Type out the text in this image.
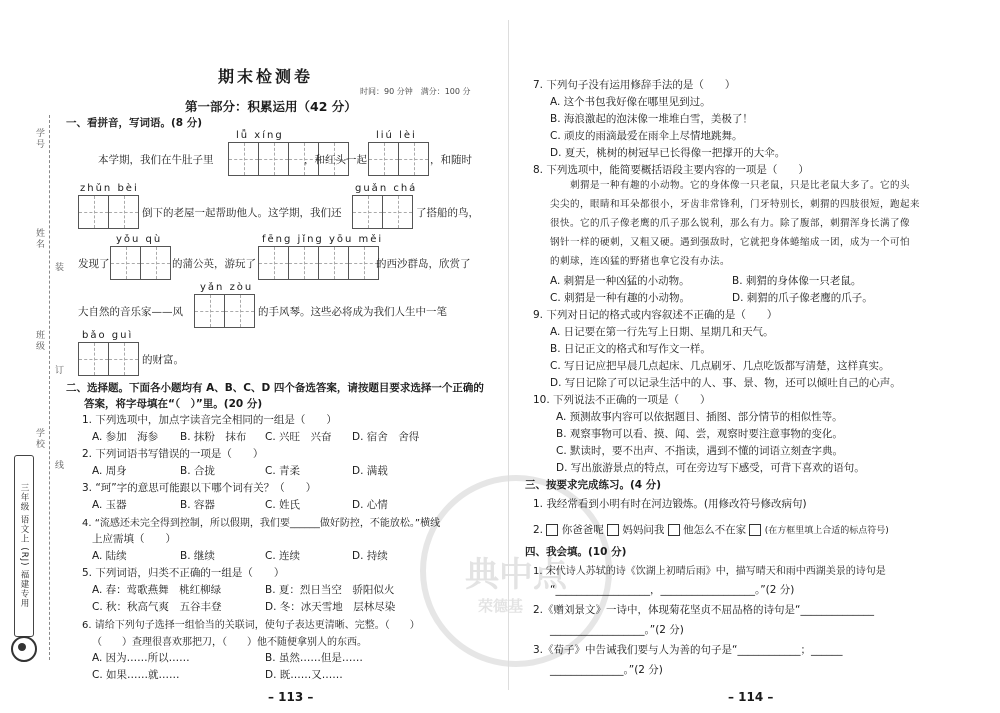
学号
姓名
装
班级
订
学校
线
三年级 语文上 (RJ) 福建专用	典中点
荣德基
期末检测卷
时间：90 分钟　满分：100 分
第一部分：积累运用（42 分）
一、看拼音，写词语。(8 分)
lǚ xíng	liú lèi
本学期，我们在牛肚子里	，和红头一起	，和随时
zhǔn bèi	guǎn chá
倒下的老屋一起帮助他人。这学期，我们还	了搭船的鸟，
yǒu qù	fēng jǐng yōu měi
发现了	的蒲公英，游玩了	的西沙群岛，欣赏了
yǎn zòu
大自然的音乐家——风	的手风琴。这些必将成为我们人生中一笔
bǎo guì
的财富。
二、选择题。下面各小题均有 A、B、C、D 四个备选答案，请按题目要求选择一个正确的
答案，将字母填在“（　）”里。(20 分)
1. 下列选项中，加点字读音完全相同的一组是（　　）
A. 参加　海参 B. 抹粉　抹布 C. 兴旺　兴奋 D. 宿舍　舍得
2. 下列词语书写错误的一项是（　　）
A. 周身	B. 合拢	C. 青柔	D. 满载
3. “珂”字的意思可能跟以下哪个词有关？（　　）
A. 玉器	B. 容器	C. 姓氏	D. 心情
4. “流感还未完全得到控制，所以假期，我们要______做好防控，不能放松。”横线
上应需填（　　）
A. 陆续	B. 继续	C. 连续	D. 持续
5. 下列词语，归类不正确的一组是（　　）
A. 春：莺歌燕舞　桃红柳绿	B. 夏：烈日当空　骄阳似火
C. 秋：秋高气爽　五谷丰登	D. 冬：冰天雪地　层林尽染
6. 请给下列句子选择一组恰当的关联词，使句子表达更清晰、完整。（　　）
（　　）查理很喜欢那把刀，（　　）他不随便拿别人的东西。
A. 因为……所以……	B. 虽然……但是……
C. 如果……就……	D. 既……又……
– 113 –
7. 下列句子没有运用修辞手法的是（　　）
A. 这个书包我好像在哪里见到过。
B. 海浪激起的泡沫像一堆堆白雪，美极了！
C. 顽皮的雨滴最爱在雨伞上尽情地跳舞。
D. 夏天，桃树的树冠早已长得像一把撑开的大伞。
8. 下列选项中，能简要概括语段主要内容的一项是（　　）
刺猬是一种有趣的小动物。它的身体像一只老鼠，只是比老鼠大多了。它的头
尖尖的，眼睛和耳朵都很小，牙齿非常锋利，门牙特别长，刺猬的四肢很短，跑起来
很快。它的爪子像老鹰的爪子那么锐利，那么有力。除了腹部，刺猬浑身长满了像
钢针一样的硬刺，又粗又硬。遇到强敌时，它就把身体蜷缩成一团，成为一个可怕
的刺球，连凶猛的野猪也拿它没有办法。
A. 刺猬是一种凶猛的小动物。	B. 刺猬的身体像一只老鼠。
C. 刺猬是一种有趣的小动物。	D. 刺猬的爪子像老鹰的爪子。
9. 下列对日记的格式或内容叙述不正确的是（　　）
A. 日记要在第一行先写上日期、星期几和天气。
B. 日记正文的格式和写作文一样。
C. 写日记应把早晨几点起床、几点刷牙、几点吃饭都写清楚，这样真实。
D. 写日记除了可以记录生活中的人、事、景、物，还可以倾吐自己的心声。
10. 下列说法不正确的一项是（　　）
A. 预测故事内容可以依据题目、插图、部分情节的相似性等。
B. 观察事物可以看、摸、闻、尝，观察时要注意事物的变化。
C. 默读时，要不出声、不指读，遇到不懂的词语立刻查字典。
D. 写出旅游景点的特点，可在旁边写下感受，可背下喜欢的语句。
三、按要求完成练习。(4 分)
1. 我经常看到小明有时在河边锻炼。(用修改符号修改病句)
2. 你爸爸呢 妈妈问我 他怎么不在家 (在方框里填上合适的标点符号)
四、我会填。(10 分)
1. 宋代诗人苏轼的诗《饮湖上初晴后雨》中，描写晴天和雨中西湖美景的诗句是
“__________________，__________________。”(2 分)
2.《赠刘景文》一诗中，体现菊花坚贞不屈品格的诗句是“______________
__________________。”(2 分)
3.《荀子》中告诫我们要与人为善的句子是“____________；______
______________。”(2 分)
– 114 –
